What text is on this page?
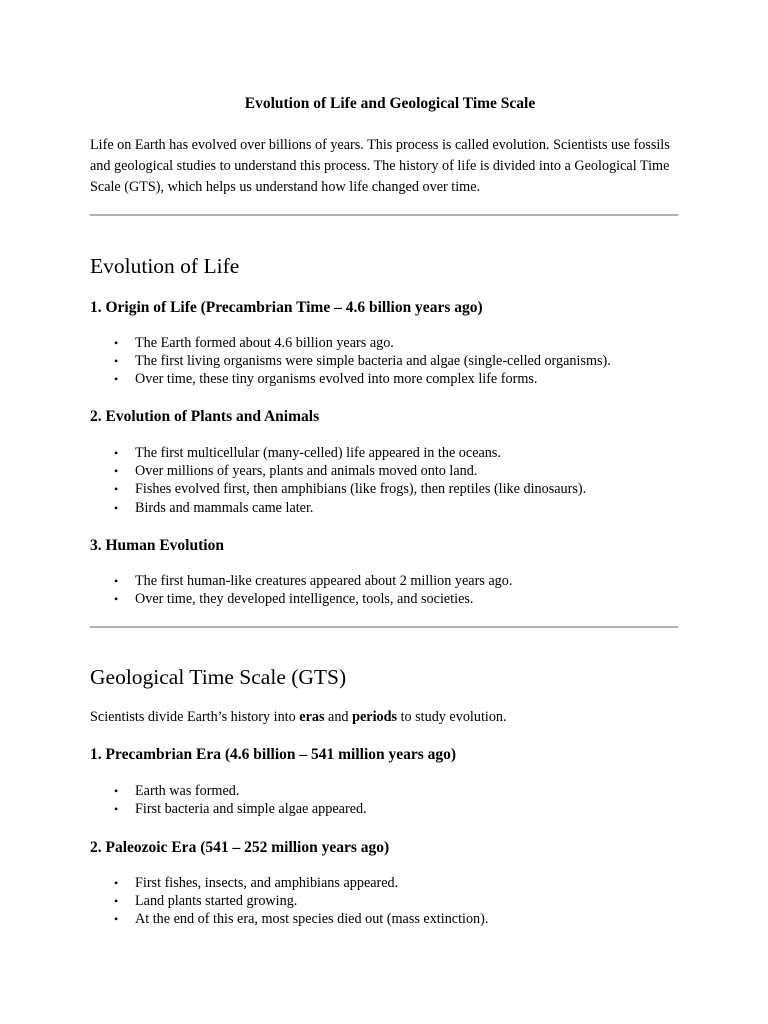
Evolution of Life and Geological Time Scale

Life on Earth has evolved over billions of years. This process is called evolution. Scientists use fossils and geological studies to understand this process. The history of life is divided into a Geological Time Scale (GTS), which helps us understand how life changed over time.

Evolution of Life
1. Origin of Life (Precambrian Time – 4.6 billion years ago)
• The Earth formed about 4.6 billion years ago.
• The first living organisms were simple bacteria and algae (single-celled organisms).
• Over time, these tiny organisms evolved into more complex life forms.
2. Evolution of Plants and Animals
• The first multicellular (many-celled) life appeared in the oceans.
• Over millions of years, plants and animals moved onto land.
• Fishes evolved first, then amphibians (like frogs), then reptiles (like dinosaurs).
• Birds and mammals came later.
3. Human Evolution
• The first human-like creatures appeared about 2 million years ago.
• Over time, they developed intelligence, tools, and societies.
Geological Time Scale (GTS)

Scientists divide Earth’s history into eras and periods to study evolution.

1. Precambrian Era (4.6 billion – 541 million years ago)
• Earth was formed.
• First bacteria and simple algae appeared.
2. Paleozoic Era (541 – 252 million years ago)
• First fishes, insects, and amphibians appeared.
• Land plants started growing.
• At the end of this era, most species died out (mass extinction).
